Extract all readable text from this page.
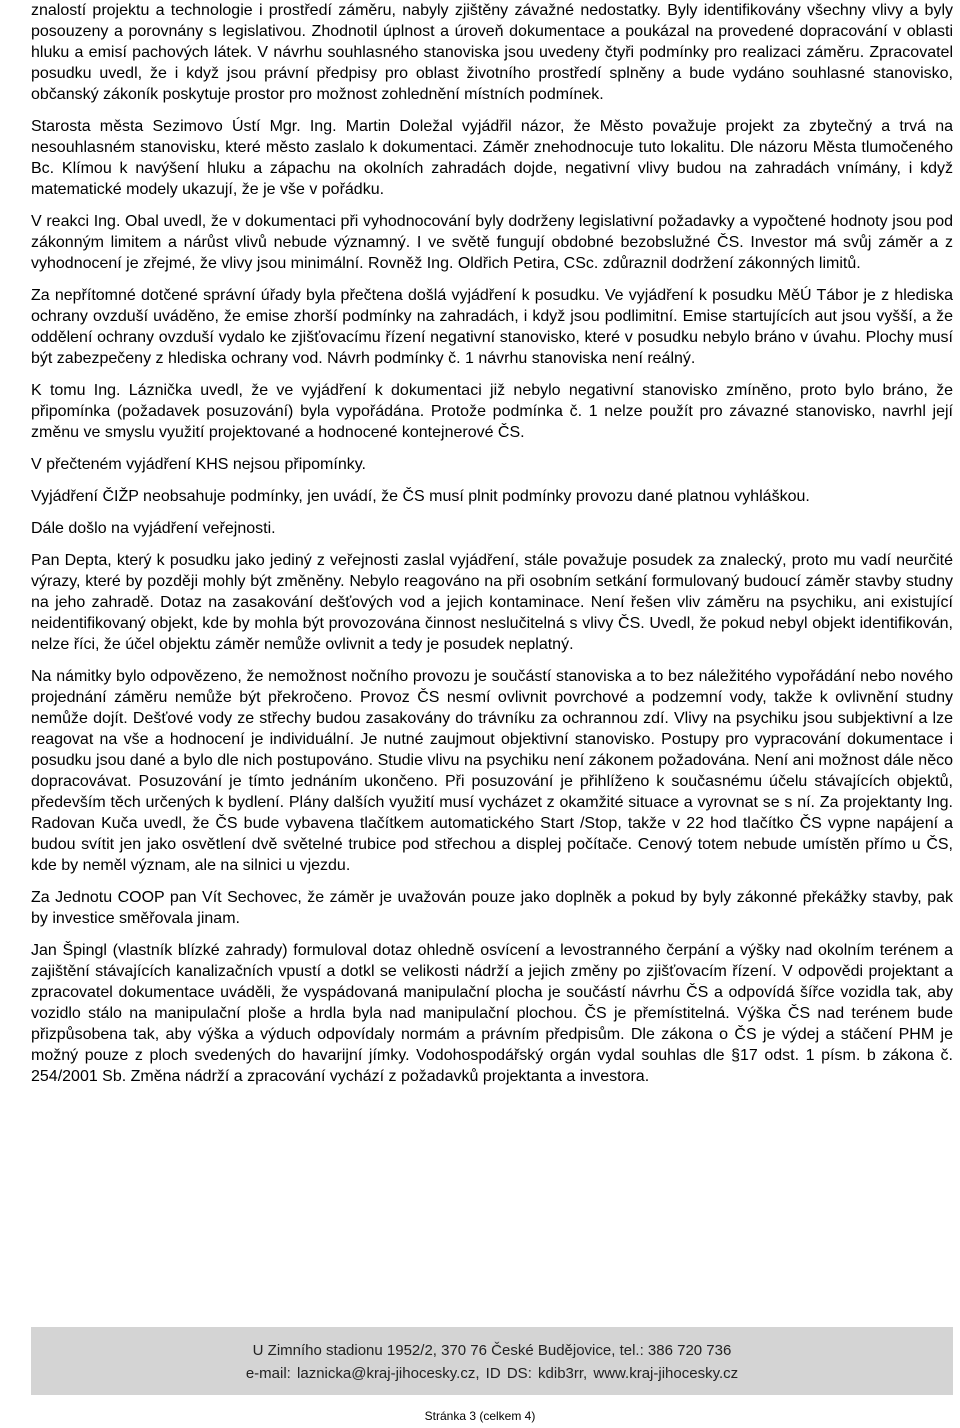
znalostí projektu a technologie i prostředí záměru, nabyly zjištěny závažné nedostatky. Byly identifikovány všechny vlivy a byly posouzeny a porovnány s legislativou. Zhodnotil úplnost a úroveň dokumentace a poukázal na provedené dopracování v oblasti hluku a emisí pachových látek. V návrhu souhlasného stanoviska jsou uvedeny čtyři podmínky pro realizaci záměru. Zpracovatel posudku uvedl, že i když jsou právní předpisy pro oblast životního prostředí splněny a bude vydáno souhlasné stanovisko, občanský zákoník poskytuje prostor pro možnost zohlednění místních podmínek.

Starosta města Sezimovo Ústí Mgr. Ing. Martin Doležal vyjádřil názor, že Město považuje projekt za zbytečný a trvá na nesouhlasném stanovisku, které město zaslalo k dokumentaci. Záměr znehodnocuje tuto lokalitu. Dle názoru Města tlumočeného Bc. Klímou k navýšení hluku a zápachu na okolních zahradách dojde, negativní vlivy budou na zahradách vnímány, i když matematické modely ukazují, že je vše v pořádku.

V reakci Ing. Obal uvedl, že v dokumentaci při vyhodnocování byly dodrženy legislativní požadavky a vypočtené hodnoty jsou pod zákonným limitem a nárůst vlivů nebude významný. I ve světě fungují obdobné bezobslužné ČS. Investor má svůj záměr a z vyhodnocení je zřejmé, že vlivy jsou minimální. Rovněž Ing. Oldřich Petira, CSc. zdůraznil dodržení zákonných limitů.

Za nepřítomné dotčené správní úřady byla přečtena došlá vyjádření k posudku. Ve vyjádření k posudku MěÚ Tábor je z hlediska ochrany ovzduší uváděno, že emise zhorší podmínky na zahradách, i když jsou podlimitní. Emise startujících aut jsou vyšší, a že oddělení ochrany ovzduší vydalo ke zjišťovacímu řízení negativní stanovisko, které v posudku nebylo bráno v úvahu. Plochy musí být zabezpečeny z hlediska ochrany vod. Návrh podmínky č. 1 návrhu stanoviska není reálný.

K tomu Ing. Láznička uvedl, že ve vyjádření k dokumentaci již nebylo negativní stanovisko zmíněno, proto bylo bráno, že připomínka (požadavek posuzování) byla vypořádána. Protože podmínka č. 1 nelze použít pro závazné stanovisko, navrhl její změnu ve smyslu využití projektované a hodnocené kontejnerové ČS.

V přečteném vyjádření KHS nejsou připomínky.

Vyjádření ČIŽP neobsahuje podmínky, jen uvádí, že ČS musí plnit podmínky provozu dané platnou vyhláškou.

Dále došlo na vyjádření veřejnosti.

Pan Depta, který k posudku jako jediný z veřejnosti zaslal vyjádření, stále považuje posudek za znalecký, proto mu vadí neurčité výrazy, které by později mohly být změněny. Nebylo reagováno na při osobním setkání formulovaný budoucí záměr stavby studny na jeho zahradě. Dotaz na zasakování dešťových vod a jejich kontaminace. Není řešen vliv záměru na psychiku, ani existující neidentifikovaný objekt, kde by mohla být provozována činnost neslučitelná s vlivy ČS. Uvedl, že pokud nebyl objekt identifikován, nelze říci, že účel objektu záměr nemůže ovlivnit a tedy je posudek neplatný.

Na námitky bylo odpovězeno, že nemožnost nočního provozu je součástí stanoviska a to bez náležitého vypořádání nebo nového projednání záměru nemůže být překročeno. Provoz ČS nesmí ovlivnit povrchové a podzemní vody, takže k ovlivnění studny nemůže dojít. Dešťové vody ze střechy budou zasakovány do trávníku za ochrannou zdí. Vlivy na psychiku jsou subjektivní a lze reagovat na vše a hodnocení je individuální. Je nutné zaujmout objektivní stanovisko. Postupy pro vypracování dokumentace i posudku jsou dané a bylo dle nich postupováno. Studie vlivu na psychiku není zákonem požadována. Není ani možnost dále něco dopracovávat. Posuzování je tímto jednáním ukončeno. Při posuzování je přihlíženo k současnému účelu stávajících objektů, především těch určených k bydlení. Plány dalších využití musí vycházet z okamžité situace a vyrovnat se s ní. Za projektanty Ing. Radovan Kuča uvedl, že ČS bude vybavena tlačítkem automatického Start /Stop, takže v 22 hod tlačítko ČS vypne napájení a budou svítit jen jako osvětlení dvě světelné trubice pod střechou a displej počítače. Cenový totem nebude umístěn přímo u ČS, kde by neměl význam, ale na silnici u vjezdu.

Za Jednotu COOP pan Vít Sechovec, že záměr je uvažován pouze jako doplněk a pokud by byly zákonné překážky stavby, pak by investice směřovala jinam.

Jan Špingl (vlastník blízké zahrady) formuloval dotaz ohledně osvícení a levostranného čerpání a výšky nad okolním terénem a zajištění stávajících kanalizačních vpustí a dotkl se velikosti nádrží a jejich změny po zjišťovacím řízení. V odpovědi projektant a zpracovatel dokumentace uváděli, že vyspádovaná manipulační plocha je součástí návrhu ČS a odpovídá šířce vozidla tak, aby vozidlo stálo na manipulační ploše a hrdla byla nad manipulační plochou. ČS je přemístitelná. Výška ČS nad terénem bude přizpůsobena tak, aby výška a výduch odpovídaly normám a právním předpisům. Dle zákona o ČS je výdej a stáčení PHM je možný pouze z ploch svedených do havarijní jímky. Vodohospodářský orgán vydal souhlas dle §17 odst. 1 písm. b zákona č. 254/2001 Sb. Změna nádrží a zpracování vychází z požadavků projektanta a investora.

U Zimního stadionu 1952/2, 370 76 České Budějovice, tel.: 386 720 736
e-mail: laznicka@kraj-jihocesky.cz, ID DS: kdib3rr, www.kraj-jihocesky.cz
Stránka 3 (celkem 4)
